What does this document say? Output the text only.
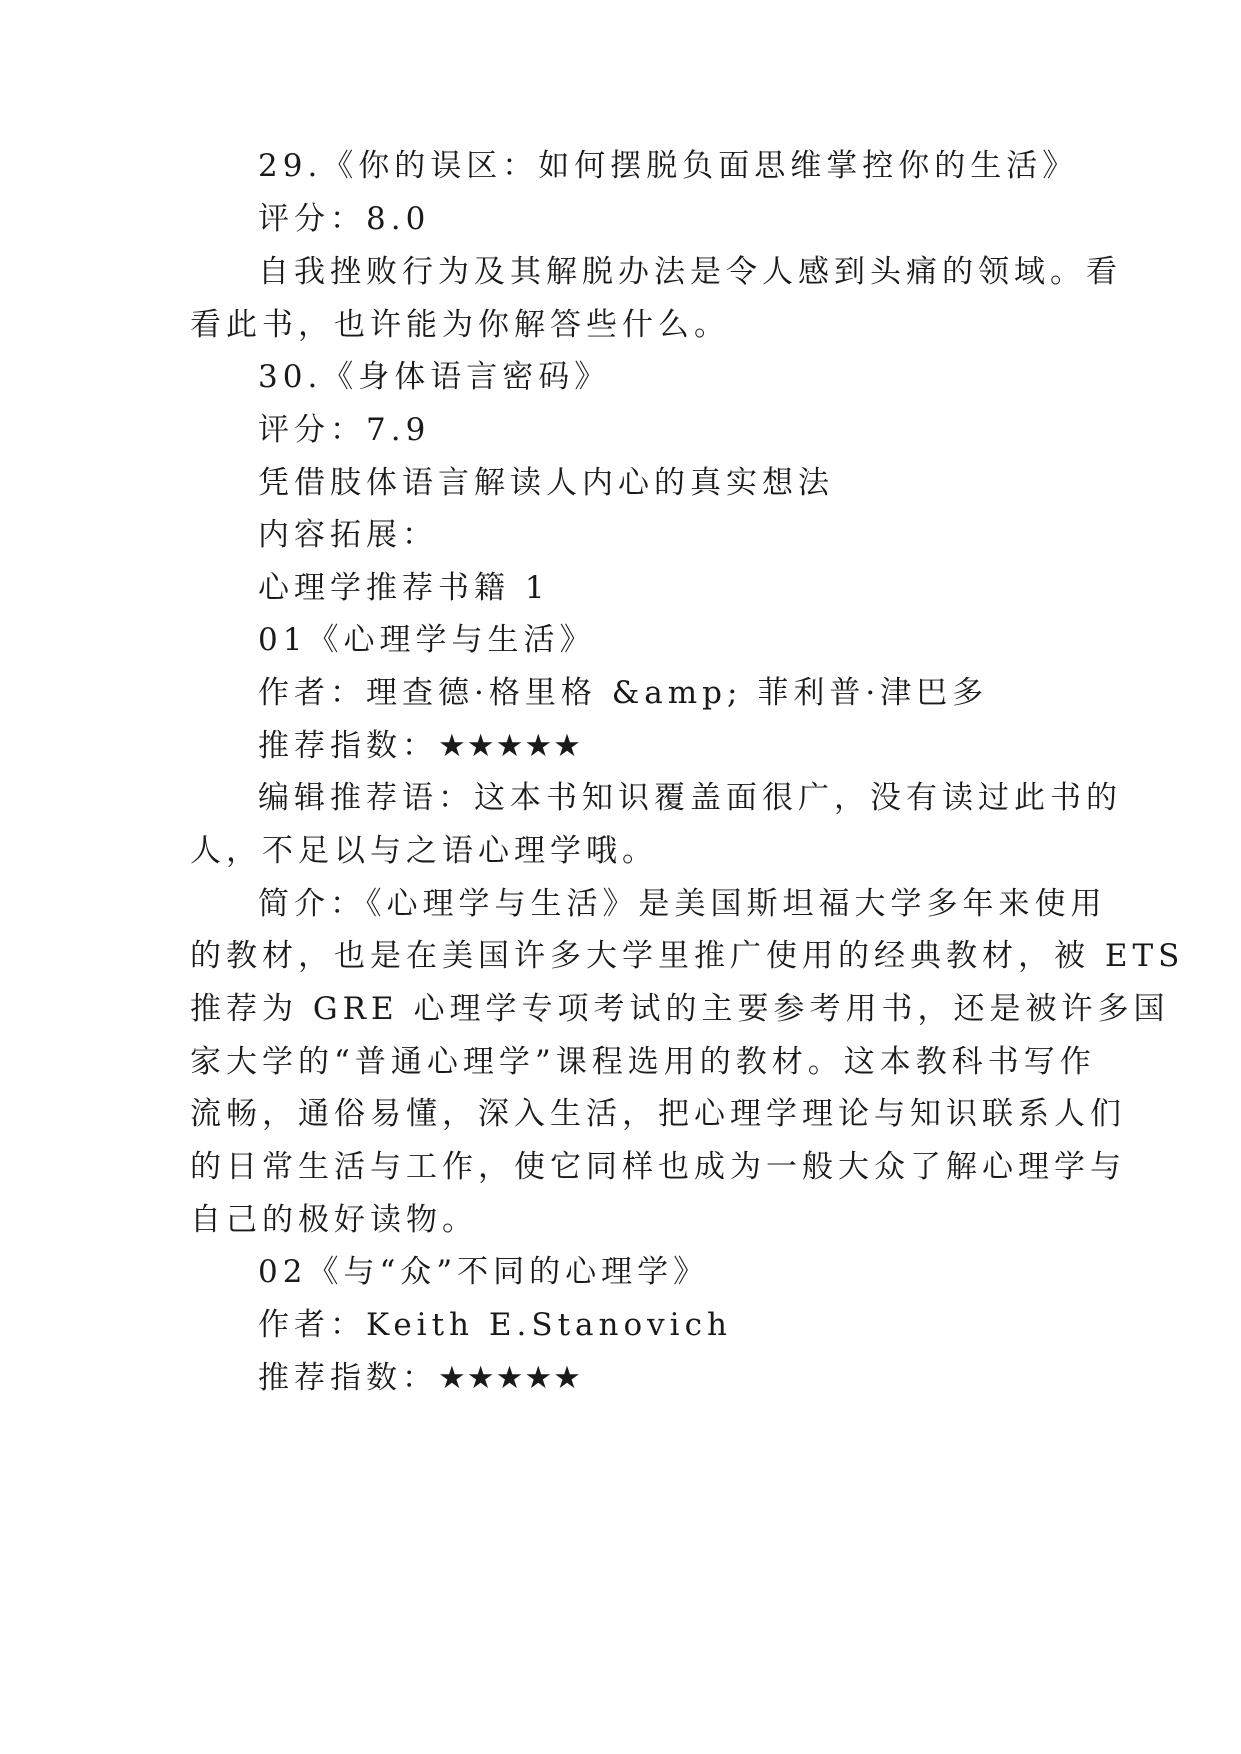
29.《你的误区：如何摆脱负面思维掌控你的生活》
评分：8.0
自我挫败行为及其解脱办法是令人感到头痛的领域。看
看此书，也许能为你解答些什么。
30.《身体语言密码》
评分：7.9
凭借肢体语言解读人内心的真实想法
内容拓展：
心理学推荐书籍 1
01《心理学与生活》
作者：理查德·格里格 &amp; 菲利普·津巴多
推荐指数：★★★★★
编辑推荐语：这本书知识覆盖面很广，没有读过此书的
人，不足以与之语心理学哦。
简介：《心理学与生活》是美国斯坦福大学多年来使用
的教材，也是在美国许多大学里推广使用的经典教材，被 ETS
推荐为 GRE 心理学专项考试的主要参考用书，还是被许多国
家大学的“普通心理学”课程选用的教材。这本教科书写作
流畅，通俗易懂，深入生活，把心理学理论与知识联系人们
的日常生活与工作，使它同样也成为一般大众了解心理学与
自己的极好读物。
02《与“众”不同的心理学》
作者：Keith E.Stanovich
推荐指数：★★★★★
